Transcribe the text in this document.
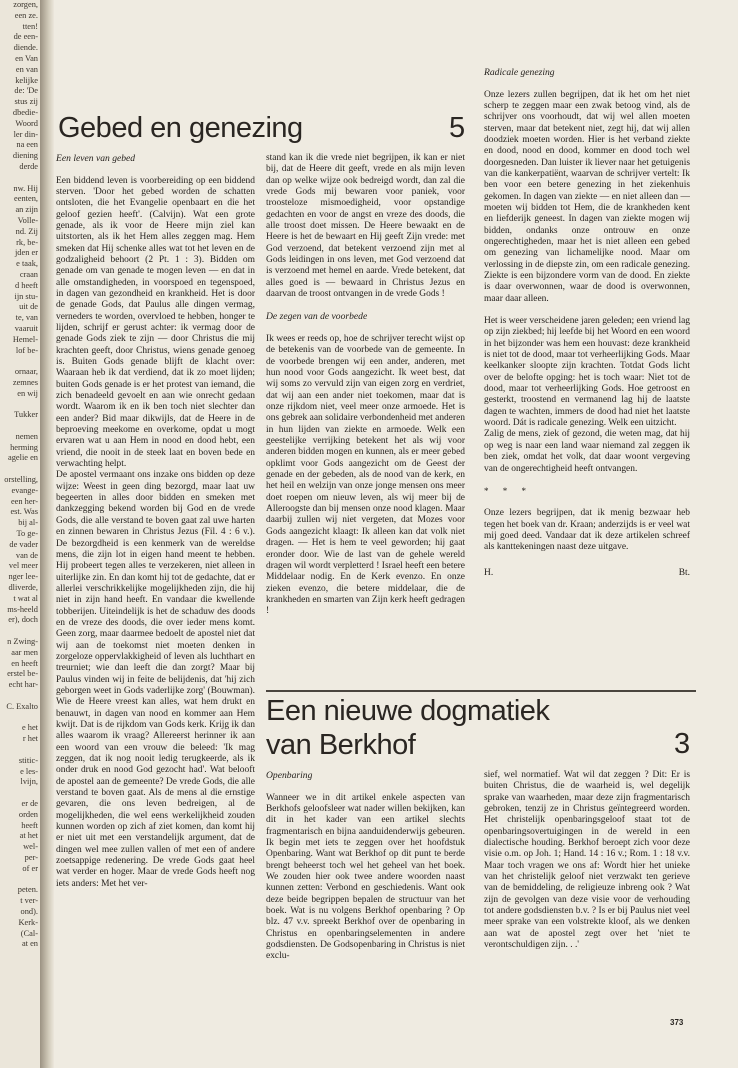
zorgen,
een ze.
tten!
de een-
diende.
en Van
en van
kelijke
de: 'De
stus zij
dbedie-
Woord
ler din-
na een
diening
derde

nw. Hij
eenten,
an zijn
Volle-
nd. Zij
rk, be-
jden er
e taak,
craan
d heeft
ijn stu-
uit de
te, van
vaaruit
Hemel-
lof be-

ornaar,
zemnes
en wij

Tukker

nemen
herming
agelie en

orstelling,
evange-
een her-
est. Was
bij al-
To ge-
de vader
van de
vel meer
nger lee-
dliverde,
t wat al
ms-heeld
er), doch

n Zwing-
aar men
en heeft
erstel be-
echt har-

C. Exalto

e het
r het

stitic-
e les-
lvijn,

er de
orden
heeft
at het
wel-
per-
of er

peten.
t ver-
ond).
Kerk-
(Cal-
at en
Gebed en genezing	5

Een leven van gebed

Een biddend leven is voorbereiding op een biddend sterven. 'Door het gebed worden de schatten ontsloten, die het Evangelie openbaart en die het geloof gezien heeft'. (Calvijn). Wat een grote genade, als ik voor de Heere mijn ziel kan uitstorten, als ik het Hem alles zeggen mag. Hem smeken dat Hij schenke alles wat tot het leven en de godzaligheid behoort (2 Pt. 1 : 3). Bidden om genade om van genade te mogen leven — en dat in alle omstandigheden, in voorspoed en tegenspoed, in dagen van gezondheid en krankheid. Het is door de genade Gods, dat Paulus alle dingen vermag, verneders te worden, overvloed te hebben, honger te lijden, schrijf er gerust achter: ik vermag door de genade Gods ziek te zijn — door Christus die mij krachten geeft, door Christus, wiens genade genoeg is. Buiten Gods genade blijft de klacht over: Waaraan heb ik dat verdiend, dat ik zo moet lijden; buiten Gods genade is er het protest van iemand, die zich benadeeld gevoelt en aan wie onrecht gedaan wordt. Waarom ik en ik ben toch niet slechter dan een ander? Bid maar dikwijls, dat de Heere in de beproeving meekome en overkome, opdat u mogt ervaren wat u aan Hem in nood en dood hebt, een vriend, die nooit in de steek laat en boven bede en verwachting helpt.

De apostel vermaant ons inzake ons bidden op deze wijze: Weest in geen ding bezorgd, maar laat uw begeerten in alles door bidden en smeken met dankzegging bekend worden bij God en de vrede Gods, die alle verstand te boven gaat zal uwe harten en zinnen bewaren in Christus Jezus (Fil. 4 : 6 v.). De bezorgdheid is een kenmerk van de wereldse mens, die zijn lot in eigen hand meent te hebben. Hij probeert tegen alles te verzekeren, niet alleen in uiterlijke zin. En dan komt hij tot de gedachte, dat er allerlei verschrikkelijke mogelijkheden zijn, die hij niet in zijn hand heeft. En vandaar die kwellende tobberijen. Uiteindelijk is het de schaduw des doods en de vreze des doods, die over ieder mens komt. Geen zorg, maar daarmee bedoelt de apostel niet dat wij aan de toekomst niet moeten denken in zorgeloze oppervlakkigheid of leven als luchthart en treurniet; wie dan leeft die dan zorgt? Maar bij Paulus vinden wij in feite de belijdenis, dat 'hij zich geborgen weet in Gods vaderlijke zorg' (Bouwman). Wie de Heere vreest kan alles, wat hem drukt en benauwt, in dagen van nood en kommer aan Hem kwijt. Dat is de rijkdom van Gods kerk. Krijg ik dan alles waarom ik vraag? Allereerst herinner ik aan een woord van een vrouw die beleed: 'Ik mag zeggen, dat ik nog nooit ledig terugkeerde, als ik onder druk en nood God gezocht had'. Wat belooft de apostel aan de gemeente? De vrede Gods, die alle verstand te boven gaat. Als de mens al die ernstige gevaren, die ons leven bedreigen, al de mogelijkheden, die wel eens werkelijkheid zouden kunnen worden op zich af ziet komen, dan komt hij er niet uit met een verstandelijk argument, dat de dingen wel mee zullen vallen of met een of andere zoetsappige redenering. De vrede Gods gaat heel wat verder en hoger. Maar de vrede Gods heeft nog iets anders: Met het ver-

stand kan ik die vrede niet begrijpen, ik kan er niet bij, dat de Heere dit geeft, vrede en als mijn leven dan op welke wijze ook bedreigd wordt, dan zal die vrede Gods mij bewaren voor paniek, voor troosteloze mismoedigheid, voor opstandige gedachten en voor de angst en vreze des doods, die alle troost doet missen. De Heere bewaakt en de Heere is het de bewaart en Hij geeft Zijn vrede: met God verzoend, dat betekent verzoend zijn met al Gods leidingen in ons leven, met God verzoend dat is verzoend met hemel en aarde. Vrede betekent, dat alles goed is — bewaard in Christus Jezus en daarvan de troost ontvangen in de vrede Gods !

De zegen van de voorbede

Ik wees er reeds op, hoe de schrijver terecht wijst op de betekenis van de voorbede van de gemeente. In de voorbede brengen wij een ander, anderen, met hun nood voor Gods aangezicht. Ik weet best, dat wij soms zo vervuld zijn van eigen zorg en verdriet, dat wij aan een ander niet toekomen, maar dat is onze rijkdom niet, veel meer onze armoede. Het is ons gebrek aan solidaire verbondenheid met anderen in hun lijden van ziekte en armoede. Welk een geestelijke verrijking betekent het als wij voor anderen bidden mogen en kunnen, als er meer gebed opklimt voor Gods aangezicht om de Geest der genade en der gebeden, als de nood van de kerk, en het heil en welzijn van onze jonge mensen ons meer doet roepen om nieuw leven, als wij meer bij de Alleroogste dan bij mensen onze nood klagen. Maar daarbij zullen wij niet vergeten, dat Mozes voor Gods aangezicht klaagt: Ik alleen kan dat volk niet dragen. — Het is hem te veel geworden; hij gaat eronder door. Wie de last van de gehele wereld dragen wil wordt verpletterd ! Israel heeft een betere Middelaar nodig. En de Kerk evenzo. En onze zieken evenzo, die betere middelaar, die de krankheden en smarten van Zijn kerk heeft gedragen !

Radicale genezing

Onze lezers zullen begrijpen, dat ik het om het niet scherp te zeggen maar een zwak betoog vind, als de schrijver ons voorhoudt, dat wij wel allen moeten sterven, maar dat betekent niet, zegt hij, dat wij allen doodziek moeten worden. Hier is het verband ziekte en dood, nood en dood, kommer en dood toch wel doorgesneden. Dan luister ik liever naar het getuigenis van die kankerpatiënt, waarvan de schrijver vertelt: Ik ben voor een betere genezing in het ziekenhuis gekomen. In dagen van ziekte — en niet alleen dan — moeten wij bidden tot Hem, die de krankheden kent en liefderijk geneest. In dagen van ziekte mogen wij bidden, ondanks onze ontrouw en onze ongerechtigheden, maar het is niet alleen een gebed om genezing van lichamelijke nood. Maar om verlossing in de diepste zin, om een radicale genezing.

Ziekte is een bijzondere vorm van de dood. En ziekte is daar overwonnen, waar de dood is overwonnen, maar daar alleen.

Het is weer verscheidene jaren geleden; een vriend lag op zijn ziekbed; hij leefde bij het Woord en een woord in het bijzonder was hem een houvast: deze krankheid is niet tot de dood, maar tot verheerlijking Gods. Maar keelkanker sloopte zijn krachten. Totdat Gods licht over de belofte opging: het is toch waar: Niet tot de dood, maar tot verheerlijking Gods. Hoe getroost en gesterkt, troostend en vermanend lag hij de laatste dagen te wachten, immers de dood had niet het laatste woord. Dát is radicale genezing. Welk een uitzicht.

Zalig de mens, ziek of gezond, die weten mag, dat hij op weg is naar een land waar niemand zal zeggen ik ben ziek, omdat het volk, dat daar woont vergeving van de ongerechtigheid heeft ontvangen.

* * *

Onze lezers begrijpen, dat ik menig bezwaar heb tegen het boek van dr. Kraan; anderzijds is er veel wat mij goed deed. Vandaar dat ik deze artikelen schreef als kanttekeningen naast deze uitgave.

H.	Bt.
Een nieuwe dogmatiek
van Berkhof	3

Openbaring

Wanneer we in dit artikel enkele aspecten van Berkhofs geloofsleer wat nader willen bekijken, kan dit in het kader van een artikel slechts fragmentarisch en bijna aanduidenderwijs gebeuren. Ik begin met iets te zeggen over het hoofdstuk Openbaring. Want wat Berkhof op dit punt te berde brengt beheerst toch wel het geheel van het boek. We zouden hier ook twee andere woorden naast kunnen zetten: Verbond en geschiedenis. Want ook deze beide begrippen bepalen de structuur van het boek. Wat is nu volgens Berkhof openbaring ? Op blz. 47 v.v. spreekt Berkhof over de openbaring in Christus en openbaringselementen in andere godsdiensten. De Godsopenbaring in Christus is niet exclu-

sief, wel normatief. Wat wil dat zeggen ? Dit: Er is buiten Christus, die de waarheid is, wel degelijk sprake van waarheden, maar deze zijn fragmentarisch gebroken, tenzij ze in Christus geïntegreerd worden. Het christelijk openbaringsgeloof staat tot de openbaringsovertuigingen in de wereld in een dialectische houding. Berkhof beroept zich voor deze visie o.m. op Joh. 1; Hand. 14 : 16 v.; Rom. 1 : 18 v.v. Maar toch vragen we ons af: Wordt hier het unieke van het christelijk geloof niet verzwakt ten gerieve van de bemiddeling, de religieuze inbreng ook ? Wat zijn de gevolgen van deze visie voor de verhouding tot andere godsdiensten b.v. ? Is er bij Paulus niet veel meer sprake van een volstrekte kloof, als we denken aan wat de apostel zegt over het 'niet te verontschuldigen zijn. . .'

373
